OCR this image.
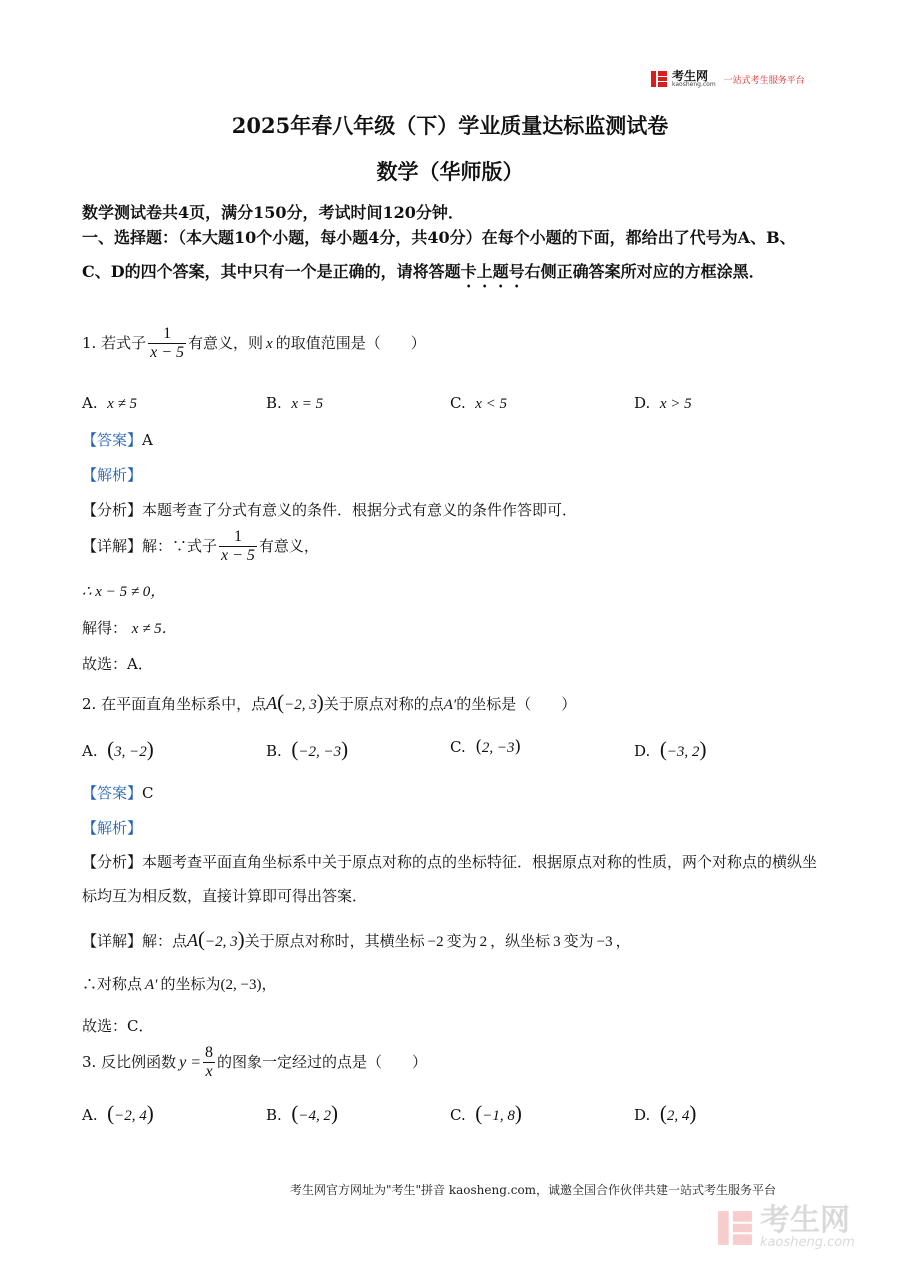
考生网
kaosheng.com 一站式考生服务平台
2025年春八年级（下）学业质量达标监测试卷
数学（华师版）
数学测试卷共4页，满分150分，考试时间120分钟．
一、选择题：（本大题10个小题，每小题4分，共40分）在每个小题的下面，都给出了代号为A、B、C、D的四个答案，其中只有一个是正确的，请将答题卡上题号右侧正确答案所对应的方框涂黑．
1. 若式子 $\frac{1}{x - 5}$ 有意义，则 x 的取值范围是（　　）
A. x ≠ 5	B. x = 5	C. x < 5	D. x > 5
【答案】A
【解析】
【分析】本题考查了分式有意义的条件．根据分式有意义的条件作答即可．
【详解】解：∵式子 $\frac{1}{x - 5}$ 有意义，
∴ x − 5 ≠ 0，
解得： x ≠ 5．
故选：A．
2. 在平面直角坐标系中，点A(−2, 3)关于原点对称的点A′的坐标是（　　）
A. (3, −2)	B. (−2, −3)	C. (2, −3)	D. (−3, 2)
【答案】C
【解析】
【分析】本题考查平面直角坐标系中关于原点对称的点的坐标特征．根据原点对称的性质，两个对称点的横纵坐标均互为相反数，直接计算即可得出答案．
【详解】解：点A(−2, 3)关于原点对称时，其横坐标 −2 变为 2 ，纵坐标 3 变为 −3 ，
∴对称点 A′ 的坐标为(2, −3)，
故选：C．
3. 反比例函数 $y = \frac{8}{x}$ 的图象一定经过的点是（　　）
A. (−2, 4)	B. (−4, 2)	C. (−1, 8)	D. (2, 4)
考生网官方网址为"考生"拼音 kaosheng.com，诚邀全国合作伙伴共建一站式考生服务平台
考生网
kaosheng.com
